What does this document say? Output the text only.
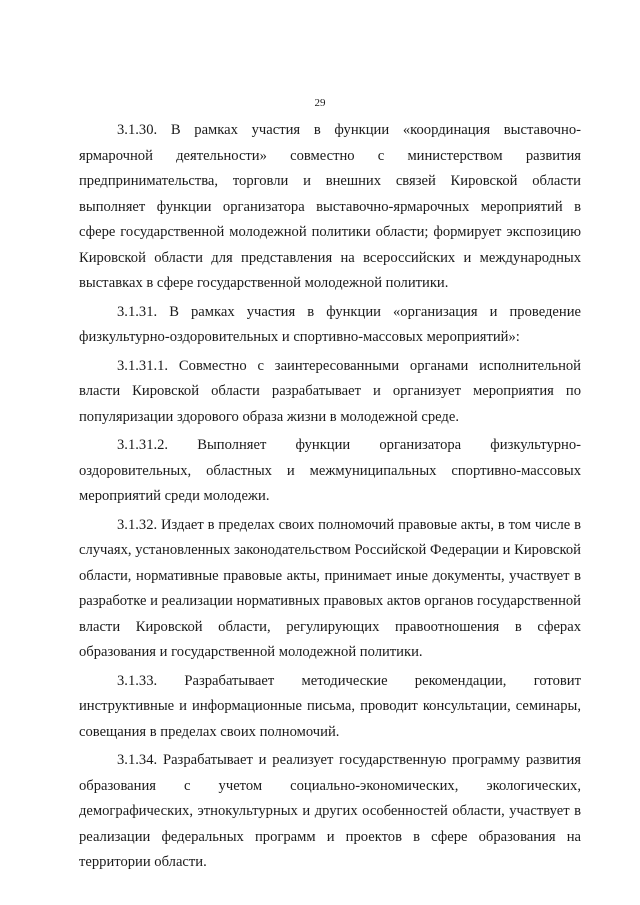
29

3.1.30. В рамках участия в функции «координация выставочно-ярмарочной деятельности» совместно с министерством развития предпринимательства, торговли и внешних связей Кировской области выполняет функции организатора выставочно-ярмарочных мероприятий в сфере государственной молодежной политики области; формирует экспозицию Кировской области для представления на всероссийских и международных выставках в сфере государственной молодежной политики.

3.1.31. В рамках участия в функции «организация и проведение физкультурно-оздоровительных и спортивно-массовых мероприятий»:

3.1.31.1. Совместно с заинтересованными органами исполнительной власти Кировской области разрабатывает и организует мероприятия по популяризации здорового образа жизни в молодежной среде.

3.1.31.2. Выполняет функции организатора физкультурно-оздоровительных, областных и межмуниципальных спортивно-массовых мероприятий среди молодежи.

3.1.32. Издает в пределах своих полномочий правовые акты, в том числе в случаях, установленных законодательством Российской Федерации и Кировской области, нормативные правовые акты, принимает иные документы, участвует в разработке и реализации нормативных правовых актов органов государственной власти Кировской области, регулирующих правоотношения в сферах образования и государственной молодежной политики.

3.1.33. Разрабатывает методические рекомендации, готовит инструктивные и информационные письма, проводит консультации, семинары, совещания в пределах своих полномочий.

3.1.34. Разрабатывает и реализует государственную программу развития образования с учетом социально-экономических, экологических, демографических, этнокультурных и других особенностей области, участвует в реализации федеральных программ и проектов в сфере образования на территории области.
